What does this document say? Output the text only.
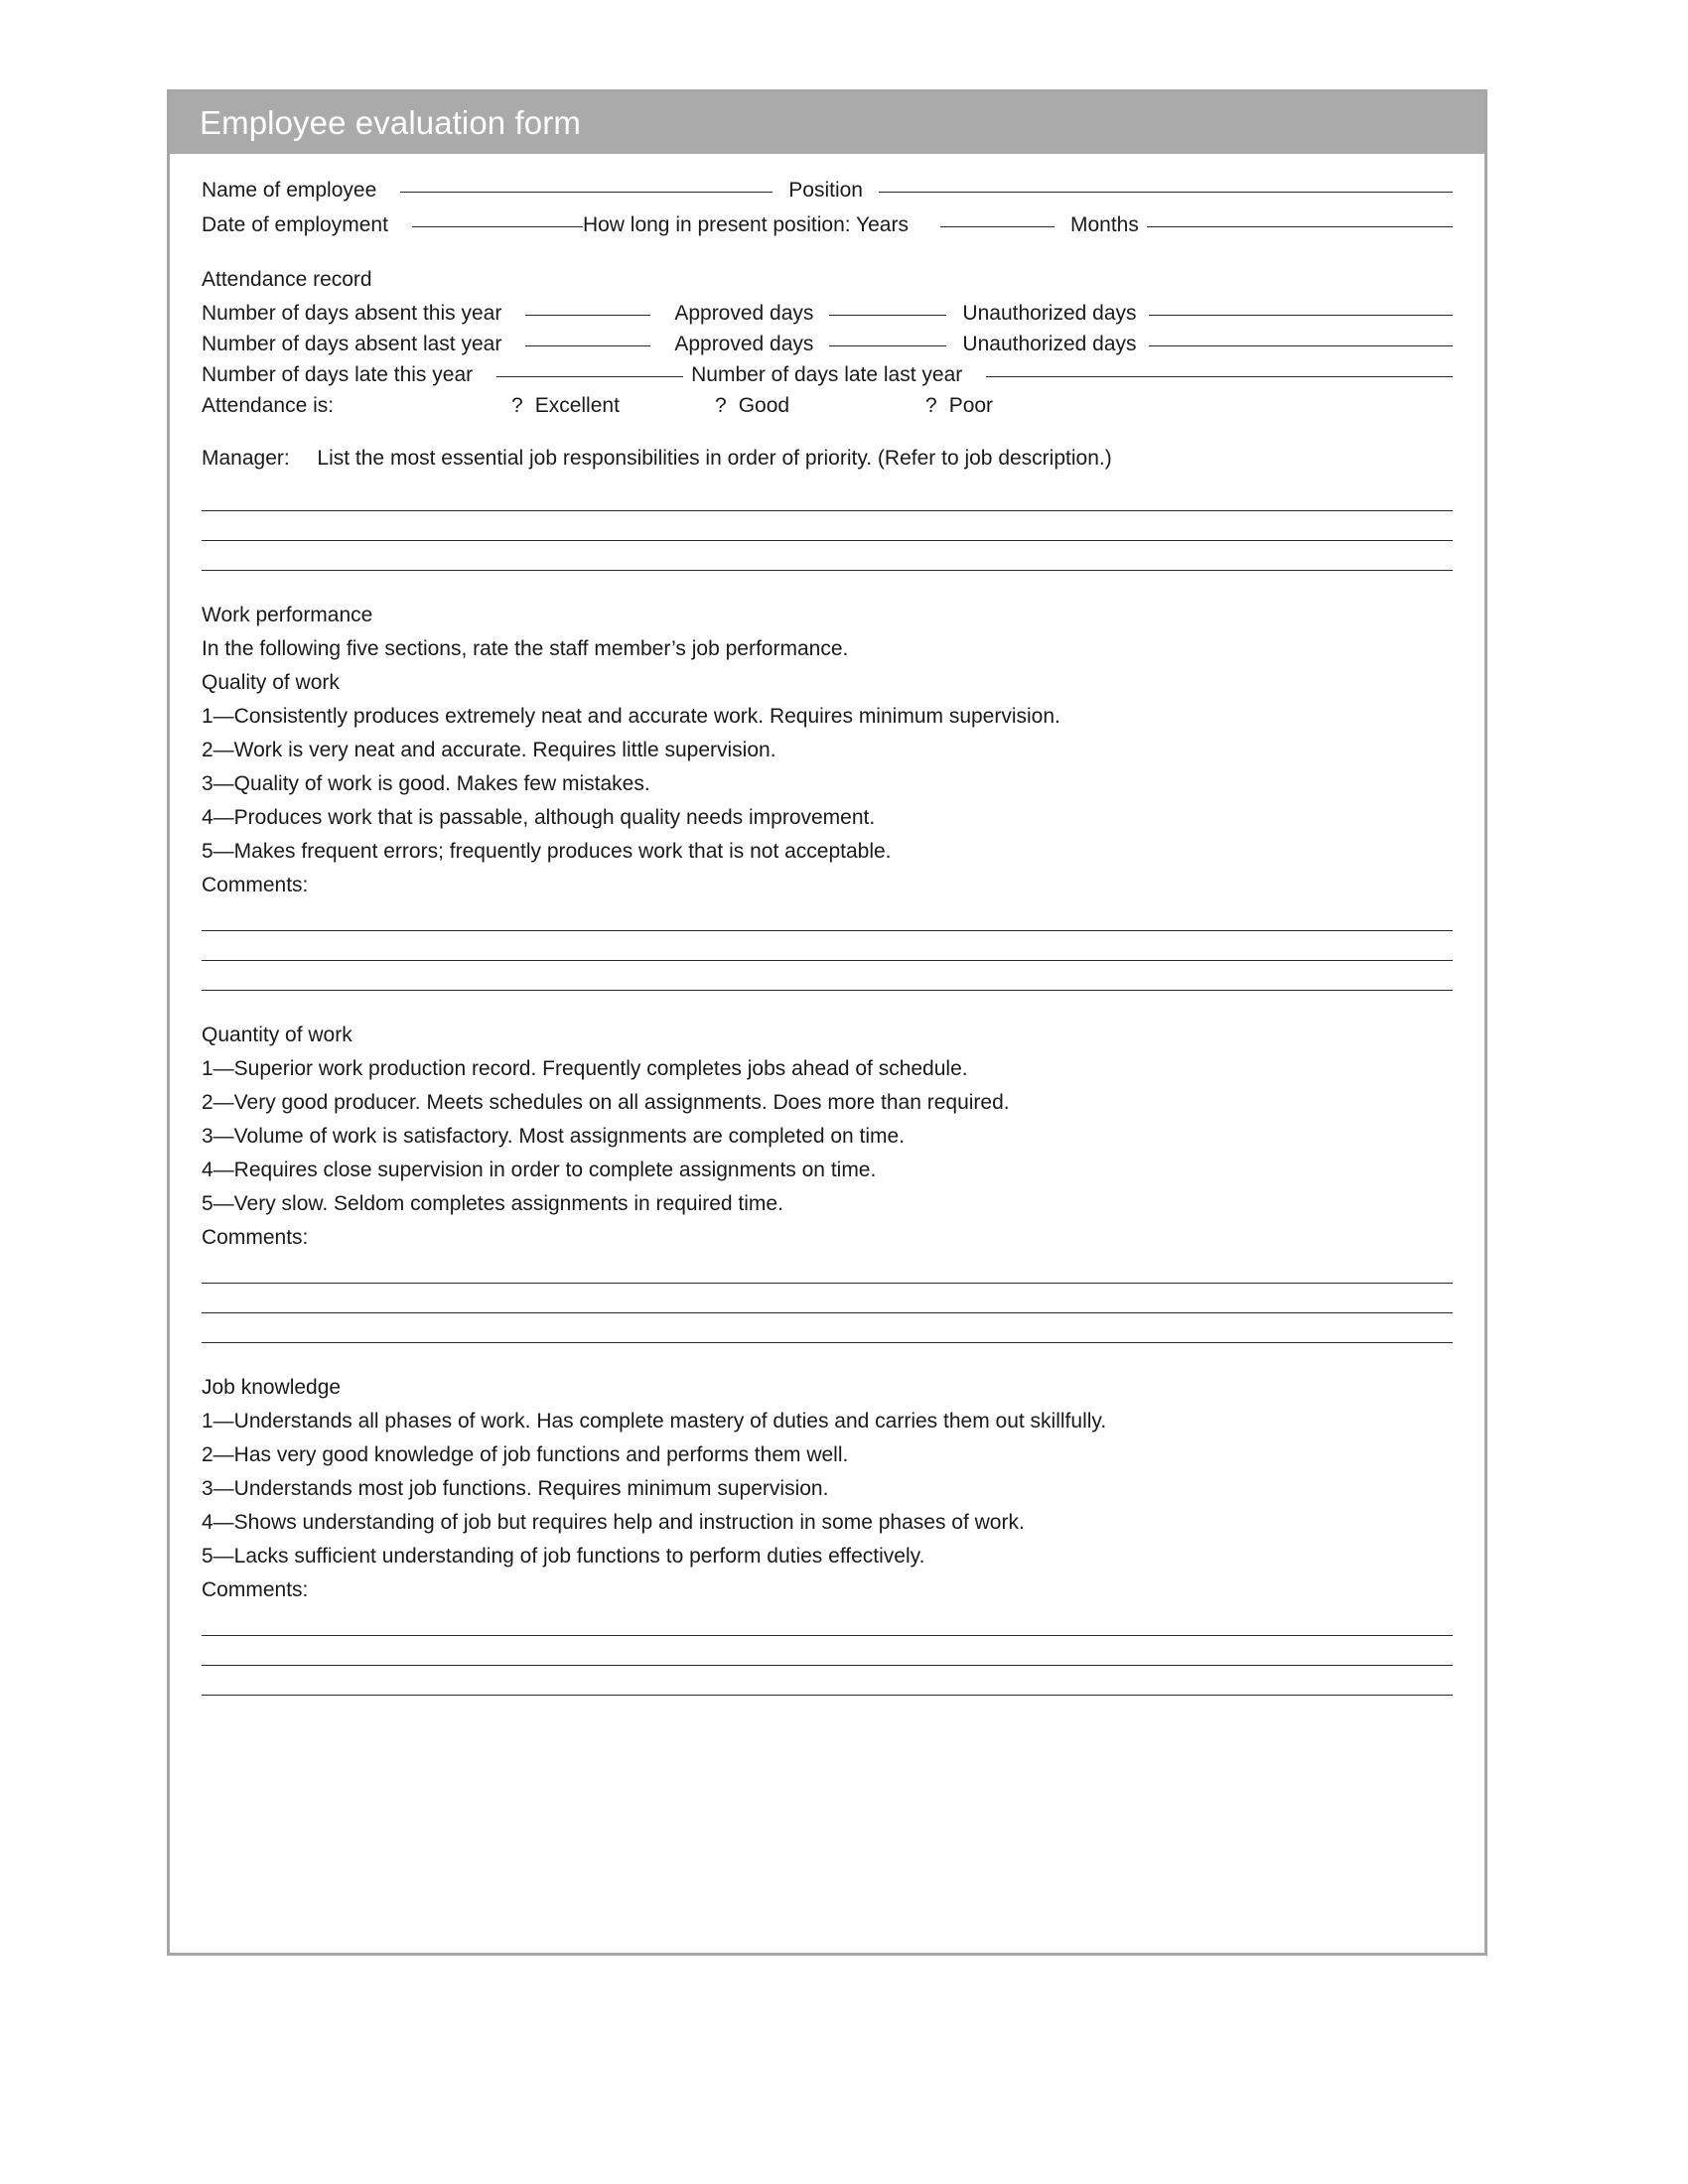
Employee evaluation form
Name of employee	Position
Date of employment	How long in present position: Years	Months
Attendance record
Number of days absent this year	Approved days	Unauthorized days
Number of days absent last year	Approved days	Unauthorized days
Number of days late this year	Number of days late last year
Attendance is:	? Excellent	? Good	? Poor
Manager: List the most essential job responsibilities in order of priority. (Refer to job description.)
Work performance
In the following five sections, rate the staff member’s job performance.
Quality of work
1—Consistently produces extremely neat and accurate work. Requires minimum supervision.
2—Work is very neat and accurate. Requires little supervision.
3—Quality of work is good. Makes few mistakes.
4—Produces work that is passable, although quality needs improvement.
5—Makes frequent errors; frequently produces work that is not acceptable.
Comments:
Quantity of work
1—Superior work production record. Frequently completes jobs ahead of schedule.
2—Very good producer. Meets schedules on all assignments. Does more than required.
3—Volume of work is satisfactory. Most assignments are completed on time.
4—Requires close supervision in order to complete assignments on time.
5—Very slow. Seldom completes assignments in required time.
Comments:
Job knowledge
1—Understands all phases of work. Has complete mastery of duties and carries them out skillfully.
2—Has very good knowledge of job functions and performs them well.
3—Understands most job functions. Requires minimum supervision.
4—Shows understanding of job but requires help and instruction in some phases of work.
5—Lacks sufficient understanding of job functions to perform duties effectively.
Comments:
